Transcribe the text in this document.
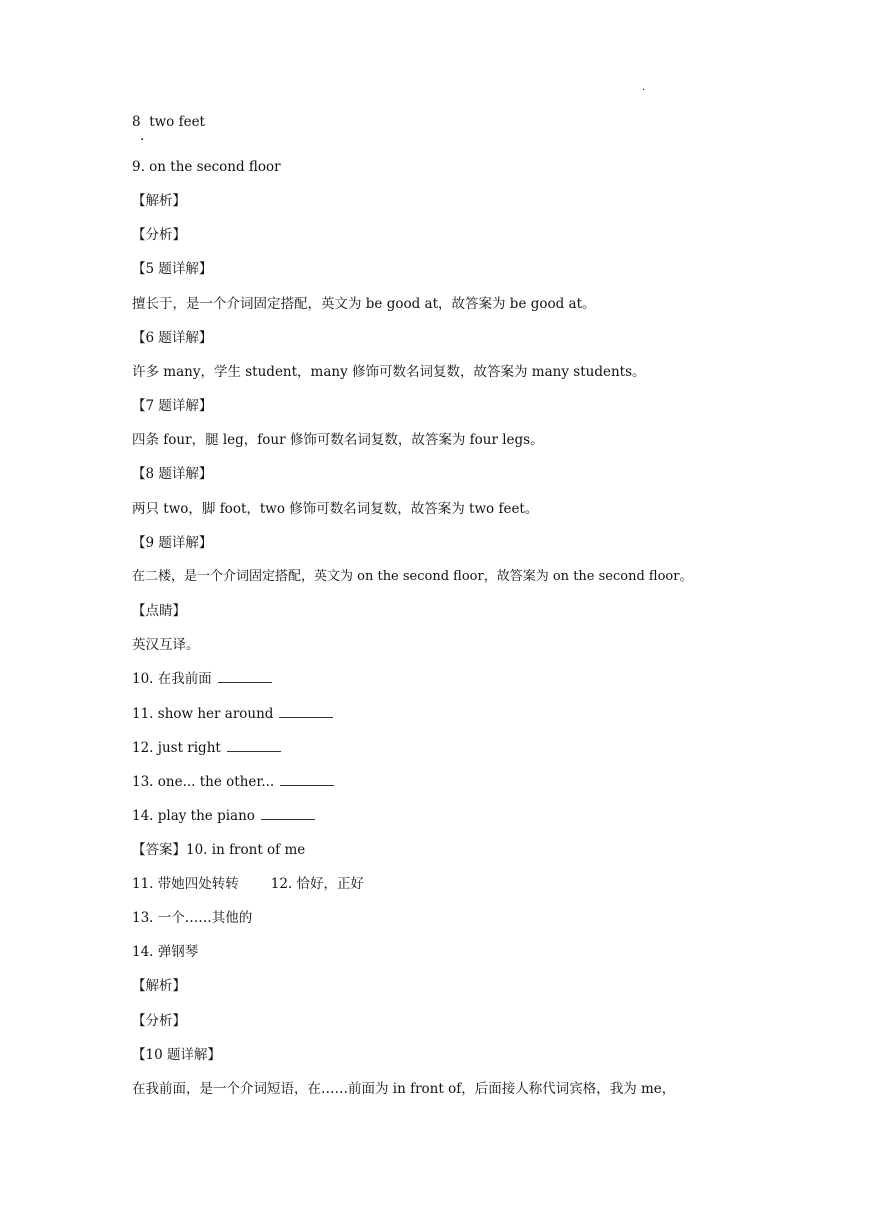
.
8 two feet
.
9. on the second floor
【解析】
【分析】
【5 题详解】
擅长于，是一个介词固定搭配，英文为 be good at，故答案为 be good at。
【6 题详解】
许多 many，学生 student，many 修饰可数名词复数，故答案为 many students。
【7 题详解】
四条 four，腿 leg，four 修饰可数名词复数，故答案为 four legs。
【8 题详解】
两只 two，脚 foot，two 修饰可数名词复数，故答案为 two feet。
【9 题详解】
在二楼，是一个介词固定搭配，英文为 on the second floor，故答案为 on the second floor。
【点睛】
英汉互译。
10. 在我前面
11. show her around
12. just right
13. one... the other...
14. play the piano
【答案】10. in front of me
11. 带她四处转转 12. 恰好，正好
13. 一个……其他的
14. 弹钢琴
【解析】
【分析】
【10 题详解】
在我前面，是一个介词短语，在……前面为 in front of，后面接人称代词宾格，我为 me，
